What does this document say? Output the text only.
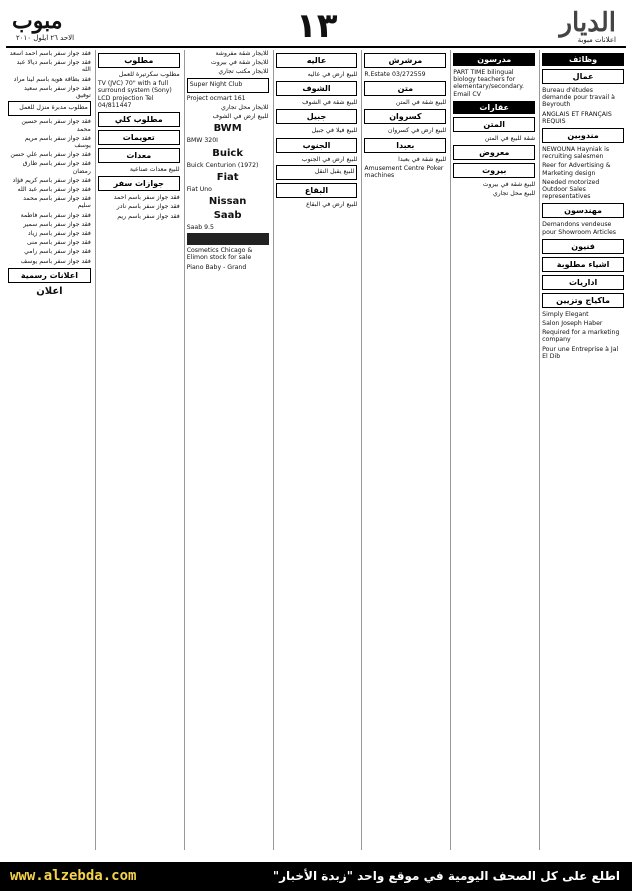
مبوب
الاحد ٢٦ ايلول ٢٠١٠	١٣	الديار
اعلانات مبوبة

فقد جواز سفر باسم احمد اسعد

فقد جواز سفر باسم ديالا عبد الله

فقد بطاقة هوية باسم لينا مراد

فقد جواز سفر باسم سعيد توفيق

مطلوب مدبرة منزل للعمل

فقد جواز سفر باسم حسين محمد

فقد جواز سفر باسم مريم يوسف

فقد جواز سفر باسم علي حسن

فقد جواز سفر باسم طارق رمضان

فقد جواز سفر باسم كريم فؤاد

فقد جواز سفر باسم عبد الله

فقد جواز سفر باسم محمد سليم

فقد جواز سفر باسم فاطمة

فقد جواز سفر باسم سمير

فقد جواز سفر باسم زياد

فقد جواز سفر باسم منى

فقد جواز سفر باسم رامي

فقد جواز سفر باسم يوسف

اعلانات رسمية
اعلان
مطلوب

مطلوب سكرتيرة للعمل

TV (JVC) 70" with a full surround system (Sony) LCD projection Tel 04/811447

مطلوب كلي
تعويمات
معدات

للبيع معدات صناعية

جوازات سفر

فقد جواز سفر باسم احمد

فقد جواز سفر باسم نادر

فقد جواز سفر باسم ريم

للايجار شقة مفروشة

للايجار شقة في بيروت

للايجار مكتب تجاري

Super Night Club

Project ocmart 161

للايجار محل تجاري

للبيع ارض في الشوف

BWM

BMW 320I

Buick

Buick Centurion (1972)

Fiat

Fiat Uno

Nissan
Saab

Saab 9.5

Cosmetics Chicago & Elimon stock for sale

Piano Baby - Grand

عاليه

للبيع ارض في عاليه

الشوف

للبيع شقة في الشوف

جبيل

للبيع فيلا في جبيل

الجنوب

للبيع ارض في الجنوب

للبيع يقبل النقل

البقاع

للبيع ارض في البقاع

مرشرش

R.Estate 03/272559

متن

للبيع شقة في المتن

كسروان

للبيع ارض في كسروان

بعبدا

للبيع شقة في بعبدا

Amusement Centre Poker machines

مدرسون

PART TIME bilingual biology teachers for elementary/secondary. Email CV

عقارات
المتن

شقة للبيع في المتن

معروض
بيروت

للبيع شقة في بيروت

للبيع محل تجاري

وظائف
عمال

Bureau d'études demande pour travail à Beyrouth

ANGLAIS ET FRANÇAIS REQUIS

مندوبين

NEWOUNA Hayniak is recruiting salesmen

Reer for Advertising & Marketing design

Needed motorized Outdoor Sales representatives

مهندسون

Demandons vendeuse pour Showroom Articles

فنيون
اشياء مطلوبة
اداريات
ماكياج وتزيين

Simply Elegant

Salon Joseph Haber

Required for a marketing company

Pour une Entreprise à Jal El Dib

www.alzebda.com	اطلع على كل الصحف اليومية في موقع واحد "زبدة الأخبار"
